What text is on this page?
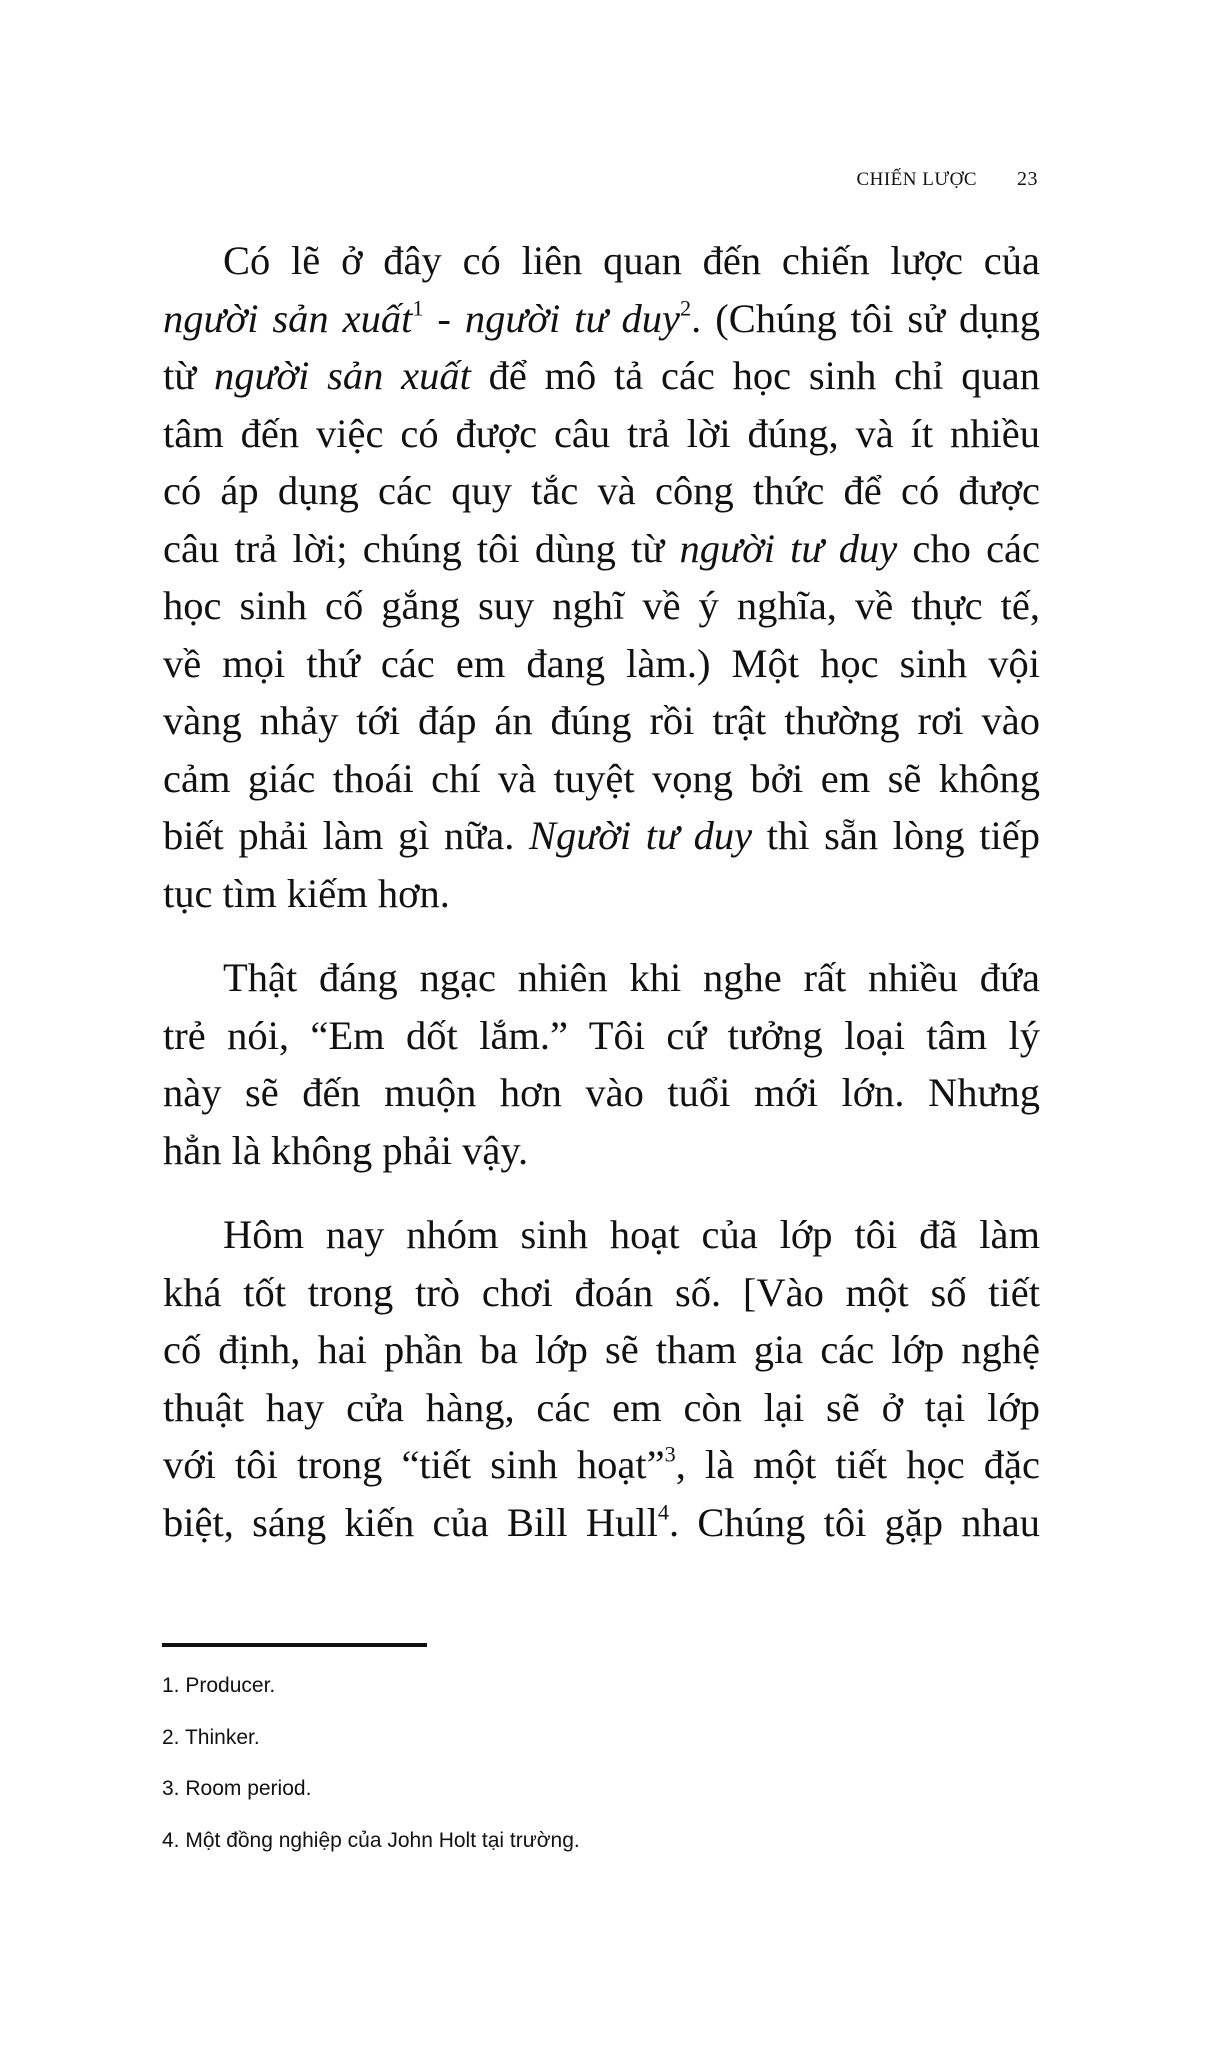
CHIẾN LƯỢC 23
Có lẽ ở đây có liên quan đến chiến lược của
người sản xuất$^1$ - người tư duy$^2$. (Chúng tôi sử dụng
từ người sản xuất để mô tả các học sinh chỉ quan
tâm đến việc có được câu trả lời đúng, và ít nhiều
có áp dụng các quy tắc và công thức để có được
câu trả lời; chúng tôi dùng từ người tư duy cho các
học sinh cố gắng suy nghĩ về ý nghĩa, về thực tế,
về mọi thứ các em đang làm.) Một học sinh vội
vàng nhảy tới đáp án đúng rồi trật thường rơi vào
cảm giác thoái chí và tuyệt vọng bởi em sẽ không
biết phải làm gì nữa. Người tư duy thì sẵn lòng tiếp
tục tìm kiếm hơn.
Thật đáng ngạc nhiên khi nghe rất nhiều đứa
trẻ nói, “Em dốt lắm.” Tôi cứ tưởng loại tâm lý
này sẽ đến muộn hơn vào tuổi mới lớn. Nhưng
hẳn là không phải vậy.
Hôm nay nhóm sinh hoạt của lớp tôi đã làm
khá tốt trong trò chơi đoán số. [Vào một số tiết
cố định, hai phần ba lớp sẽ tham gia các lớp nghệ
thuật hay cửa hàng, các em còn lại sẽ ở tại lớp
với tôi trong “tiết sinh hoạt”$^3$, là một tiết học đặc
biệt, sáng kiến của Bill Hull$^4$. Chúng tôi gặp nhau
1. Producer.
2. Thinker.
3. Room period.
4. Một đồng nghiệp của John Holt tại trường.
